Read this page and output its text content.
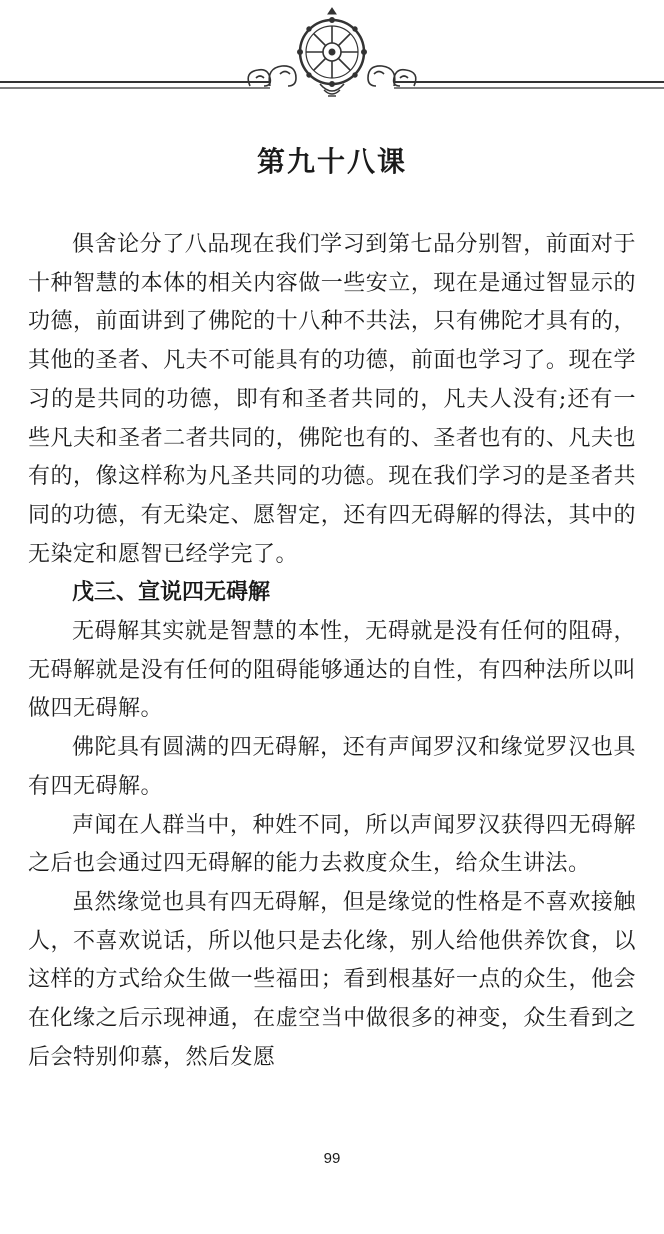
第九十八课

俱舍论分了八品现在我们学习到第七品分别智，前面对于十种智慧的本体的相关内容做一些安立，现在是通过智显示的功德，前面讲到了佛陀的十八种不共法，只有佛陀才具有的，其他的圣者、凡夫不可能具有的功德，前面也学习了。现在学习的是共同的功德，即有和圣者共同的，凡夫人没有;还有一些凡夫和圣者二者共同的，佛陀也有的、圣者也有的、凡夫也有的，像这样称为凡圣共同的功德。现在我们学习的是圣者共同的功德，有无染定、愿智定，还有四无碍解的得法，其中的无染定和愿智已经学完了。

戊三、宣说四无碍解

无碍解其实就是智慧的本性，无碍就是没有任何的阻碍，无碍解就是没有任何的阻碍能够通达的自性，有四种法所以叫做四无碍解。

佛陀具有圆满的四无碍解，还有声闻罗汉和缘觉罗汉也具有四无碍解。

声闻在人群当中，种姓不同，所以声闻罗汉获得四无碍解之后也会通过四无碍解的能力去救度众生，给众生讲法。

虽然缘觉也具有四无碍解，但是缘觉的性格是不喜欢接触人，不喜欢说话，所以他只是去化缘，别人给他供养饮食，以这样的方式给众生做一些福田；看到根基好一点的众生，他会在化缘之后示现神通，在虚空当中做很多的神变，众生看到之后会特别仰慕，然后发愿

99
